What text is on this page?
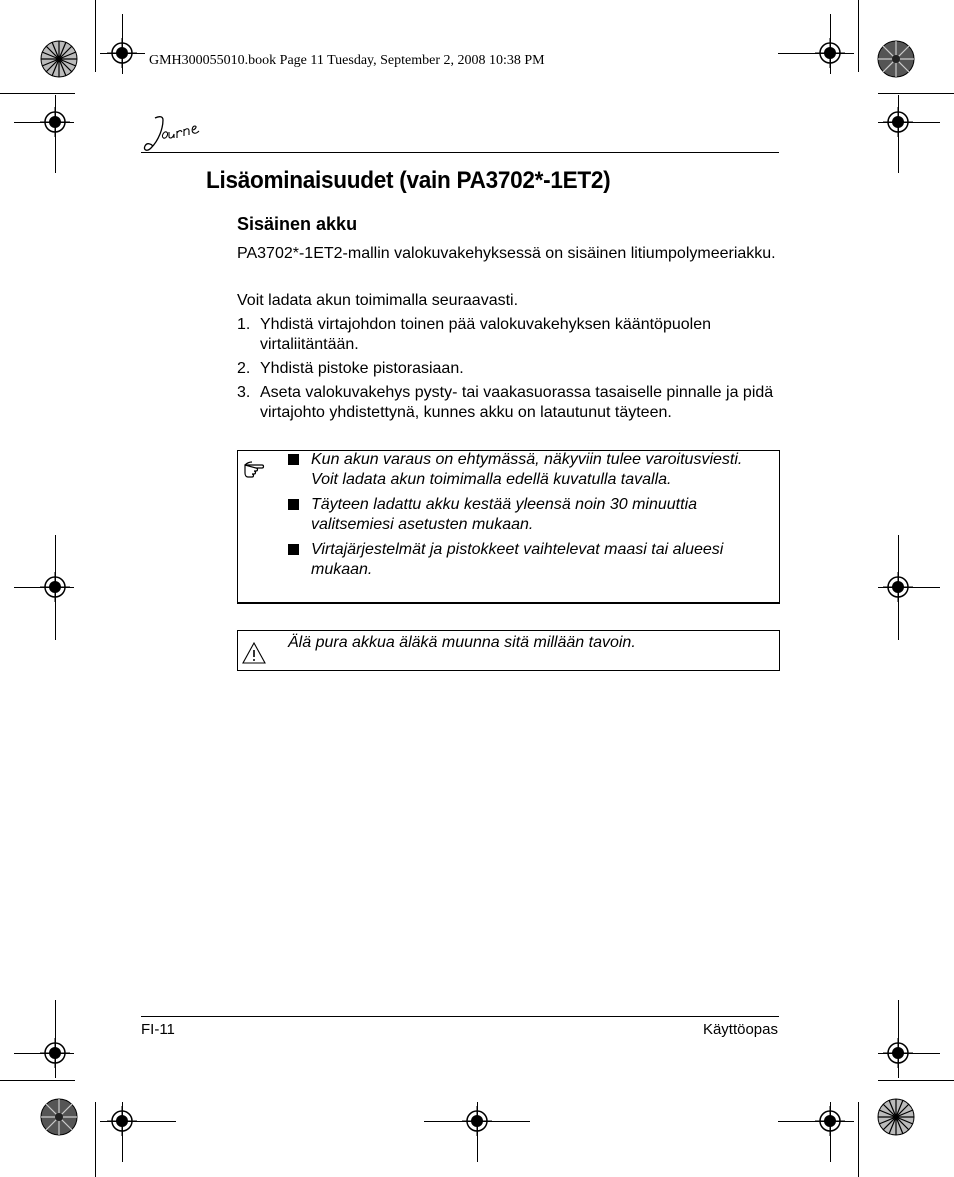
GMH300055010.book Page 11 Tuesday, September 2, 2008 10:38 PM
Lisäominaisuudet (vain PA3702*-1ET2)
Sisäinen akku

PA3702*-1ET2-mallin valokuvakehyksessä on sisäinen litiumpolymeeriakku.

Voit ladata akun toimimalla seuraavasti.

1. Yhdistä virtajohdon toinen pää valokuvakehyksen kääntöpuolen virtaliitäntään.
2. Yhdistä pistoke pistorasiaan.
3. Aseta valokuvakehys pysty- tai vaakasuorassa tasaiselle pinnalle ja pidä virtajohto yhdistettynä, kunnes akku on latautunut täyteen.
Kun akun varaus on ehtymässä, näkyviin tulee varoitusviesti. Voit ladata akun toimimalla edellä kuvatulla tavalla.
Täyteen ladattu akku kestää yleensä noin 30 minuuttia valitsemiesi asetusten mukaan.
Virtajärjestelmät ja pistokkeet vaihtelevat maasi tai alueesi mukaan.
Älä pura akkua äläkä muunna sitä millään tavoin.
FI-11	Käyttöopas
